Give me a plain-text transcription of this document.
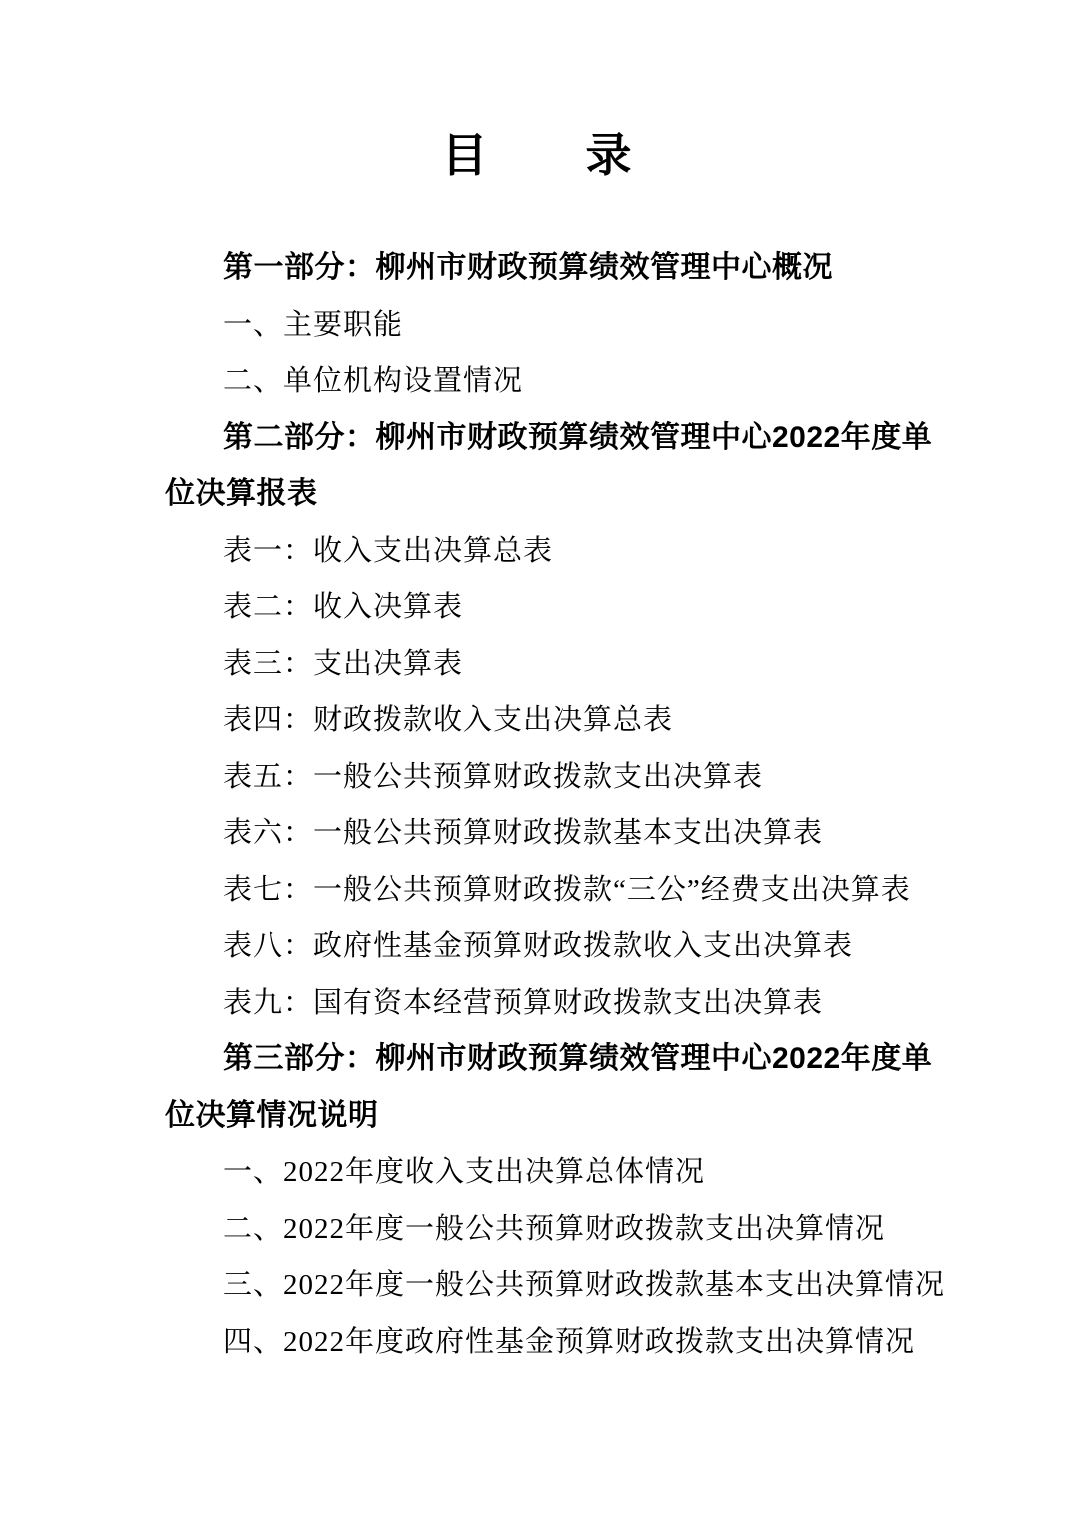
目　　录

第一部分：柳州市财政预算绩效管理中心概况

一、主要职能

二、单位机构设置情况

第二部分：柳州市财政预算绩效管理中心2022年度单位决算报表

表一：收入支出决算总表

表二：收入决算表

表三：支出决算表

表四：财政拨款收入支出决算总表

表五：一般公共预算财政拨款支出决算表

表六：一般公共预算财政拨款基本支出决算表

表七：一般公共预算财政拨款“三公”经费支出决算表

表八：政府性基金预算财政拨款收入支出决算表

表九：国有资本经营预算财政拨款支出决算表

第三部分：柳州市财政预算绩效管理中心2022年度单位决算情况说明

一、2022年度收入支出决算总体情况

二、2022年度一般公共预算财政拨款支出决算情况

三、2022年度一般公共预算财政拨款基本支出决算情况

四、2022年度政府性基金预算财政拨款支出决算情况
